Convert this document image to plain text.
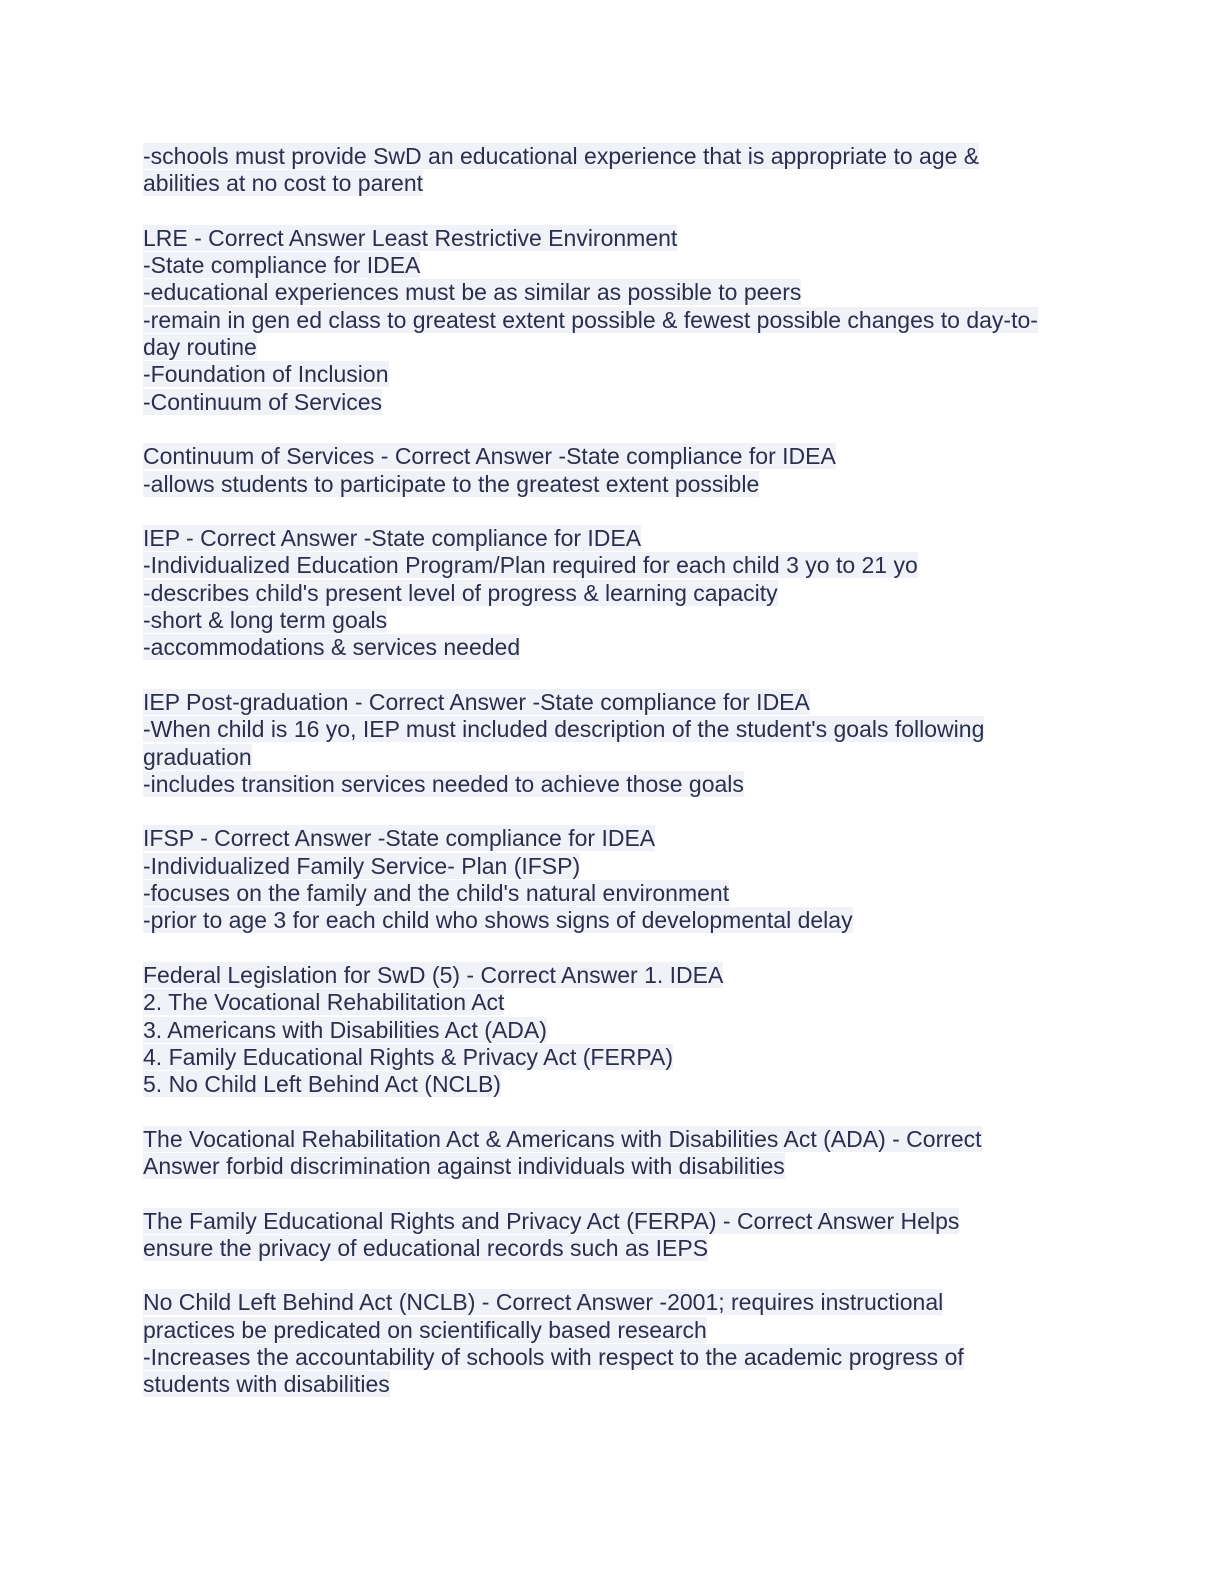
-schools must provide SwD an educational experience that is appropriate to age &
abilities at no cost to parent
LRE - Correct Answer Least Restrictive Environment
-State compliance for IDEA
-educational experiences must be as similar as possible to peers
-remain in gen ed class to greatest extent possible & fewest possible changes to day-to-
day routine
-Foundation of Inclusion
-Continuum of Services
Continuum of Services - Correct Answer -State compliance for IDEA
-allows students to participate to the greatest extent possible
IEP - Correct Answer -State compliance for IDEA
-Individualized Education Program/Plan required for each child 3 yo to 21 yo
-describes child's present level of progress & learning capacity
-short & long term goals
-accommodations & services needed
IEP Post-graduation - Correct Answer -State compliance for IDEA
-When child is 16 yo, IEP must included description of the student's goals following
graduation
-includes transition services needed to achieve those goals
IFSP - Correct Answer -State compliance for IDEA
-Individualized Family Service- Plan (IFSP)
-focuses on the family and the child's natural environment
-prior to age 3 for each child who shows signs of developmental delay
Federal Legislation for SwD (5) - Correct Answer 1. IDEA
2. The Vocational Rehabilitation Act
3. Americans with Disabilities Act (ADA)
4. Family Educational Rights & Privacy Act (FERPA)
5. No Child Left Behind Act (NCLB)
The Vocational Rehabilitation Act & Americans with Disabilities Act (ADA) - Correct
Answer forbid discrimination against individuals with disabilities
The Family Educational Rights and Privacy Act (FERPA) - Correct Answer Helps
ensure the privacy of educational records such as IEPS
No Child Left Behind Act (NCLB) - Correct Answer -2001; requires instructional
practices be predicated on scientifically based research
-Increases the accountability of schools with respect to the academic progress of
students with disabilities
